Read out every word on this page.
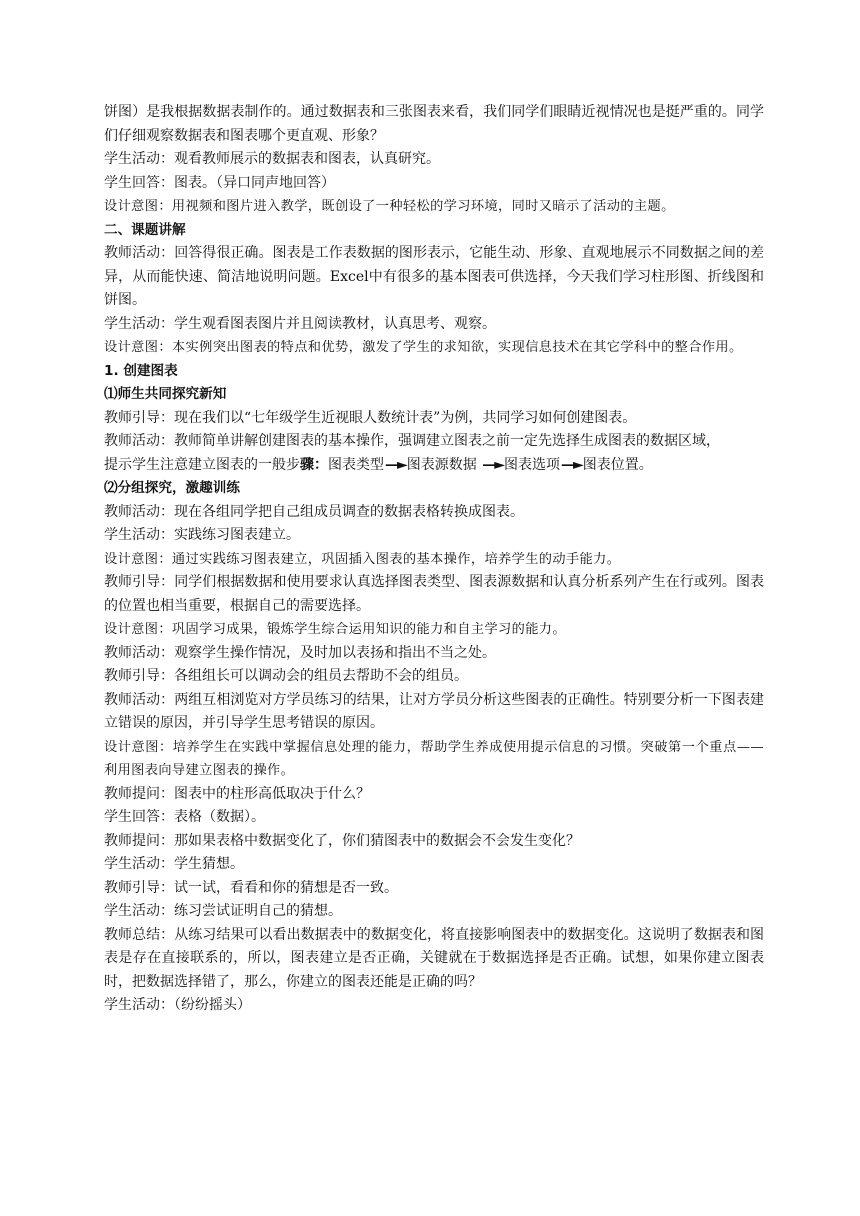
饼图）是我根据数据表制作的。通过数据表和三张图表来看，我们同学们眼睛近视情况也是挺严重的。同学们仔细观察数据表和图表哪个更直观、形象？

学生活动：观看教师展示的数据表和图表，认真研究。

学生回答：图表。（异口同声地回答）

设计意图：用视频和图片进入教学，既创设了一种轻松的学习环境，同时又暗示了活动的主题。

二、课题讲解

教师活动：回答得很正确。图表是工作表数据的图形表示，它能生动、形象、直观地展示不同数据之间的差异，从而能快速、简洁地说明问题。Excel中有很多的基本图表可供选择，今天我们学习柱形图、折线图和饼图。

学生活动：学生观看图表图片并且阅读教材，认真思考、观察。

设计意图：本实例突出图表的特点和优势，激发了学生的求知欲，实现信息技术在其它学科中的整合作用。

1. 创建图表

⑴师生共同探究新知

教师引导：现在我们以“七年级学生近视眼人数统计表”为例，共同学习如何创建图表。

教师活动：教师简单讲解创建图表的基本操作，强调建立图表之前一定先选择生成图表的数据区域，
提示学生注意建立图表的一般步骤：图表类型—►图表源数据 —►图表选项—►图表位置。

⑵分组探究，激趣训练

教师活动：现在各组同学把自己组成员调查的数据表格转换成图表。

学生活动：实践练习图表建立。

设计意图：通过实践练习图表建立，巩固插入图表的基本操作，培养学生的动手能力。

教师引导：同学们根据数据和使用要求认真选择图表类型、图表源数据和认真分析系列产生在行或列。图表的位置也相当重要，根据自己的需要选择。

设计意图：巩固学习成果，锻炼学生综合运用知识的能力和自主学习的能力。

教师活动：观察学生操作情况，及时加以表扬和指出不当之处。

教师引导：各组组长可以调动会的组员去帮助不会的组员。

教师活动：两组互相浏览对方学员练习的结果，让对方学员分析这些图表的正确性。特别要分析一下图表建立错误的原因，并引导学生思考错误的原因。

设计意图：培养学生在实践中掌握信息处理的能力，帮助学生养成使用提示信息的习惯。突破第一个重点——利用图表向导建立图表的操作。

教师提问：图表中的柱形高低取决于什么？

学生回答：表格（数据）。

教师提问：那如果表格中数据变化了，你们猜图表中的数据会不会发生变化？

学生活动：学生猜想。

教师引导：试一试，看看和你的猜想是否一致。

学生活动：练习尝试证明自己的猜想。

教师总结：从练习结果可以看出数据表中的数据变化，将直接影响图表中的数据变化。这说明了数据表和图表是存在直接联系的，所以，图表建立是否正确，关键就在于数据选择是否正确。试想，如果你建立图表时，把数据选择错了，那么，你建立的图表还能是正确的吗？

学生活动：（纷纷摇头）
